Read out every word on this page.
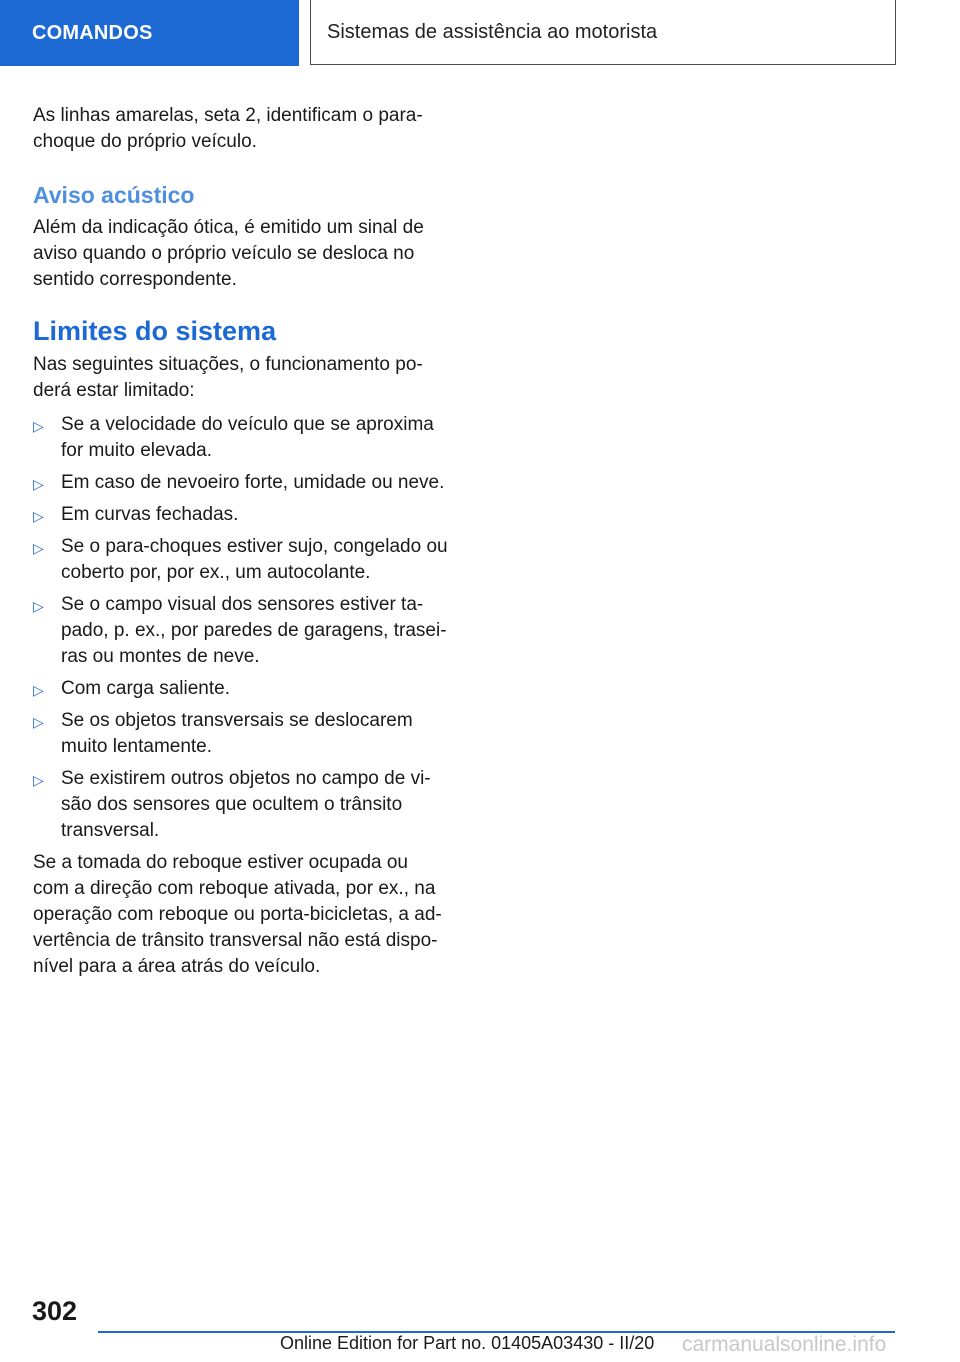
COMANDOS	Sistemas de assistência ao motorista

As linhas amarelas, seta 2, identificam o para-choque do próprio veículo.

Aviso acústico

Além da indicação ótica, é emitido um sinal de aviso quando o próprio veículo se desloca no sentido correspondente.

Limites do sistema

Nas seguintes situações, o funcionamento poderá estar limitado:

▷ Se a velocidade do veículo que se aproxima for muito elevada.
▷ Em caso de nevoeiro forte, umidade ou neve.
▷ Em curvas fechadas.
▷ Se o para-choques estiver sujo, congelado ou coberto por, por ex., um autocolante.
▷ Se o campo visual dos sensores estiver tapado, p. ex., por paredes de garagens, traseiras ou montes de neve.
▷ Com carga saliente.
▷ Se os objetos transversais se deslocarem muito lentamente.
▷ Se existirem outros objetos no campo de visão dos sensores que ocultem o trânsito transversal.

Se a tomada do reboque estiver ocupada ou com a direção com reboque ativada, por ex., na operação com reboque ou porta-bicicletas, a advertência de trânsito transversal não está disponível para a área atrás do veículo.

302
Online Edition for Part no. 01405A03430 - II/20 carmanualsonline.info
